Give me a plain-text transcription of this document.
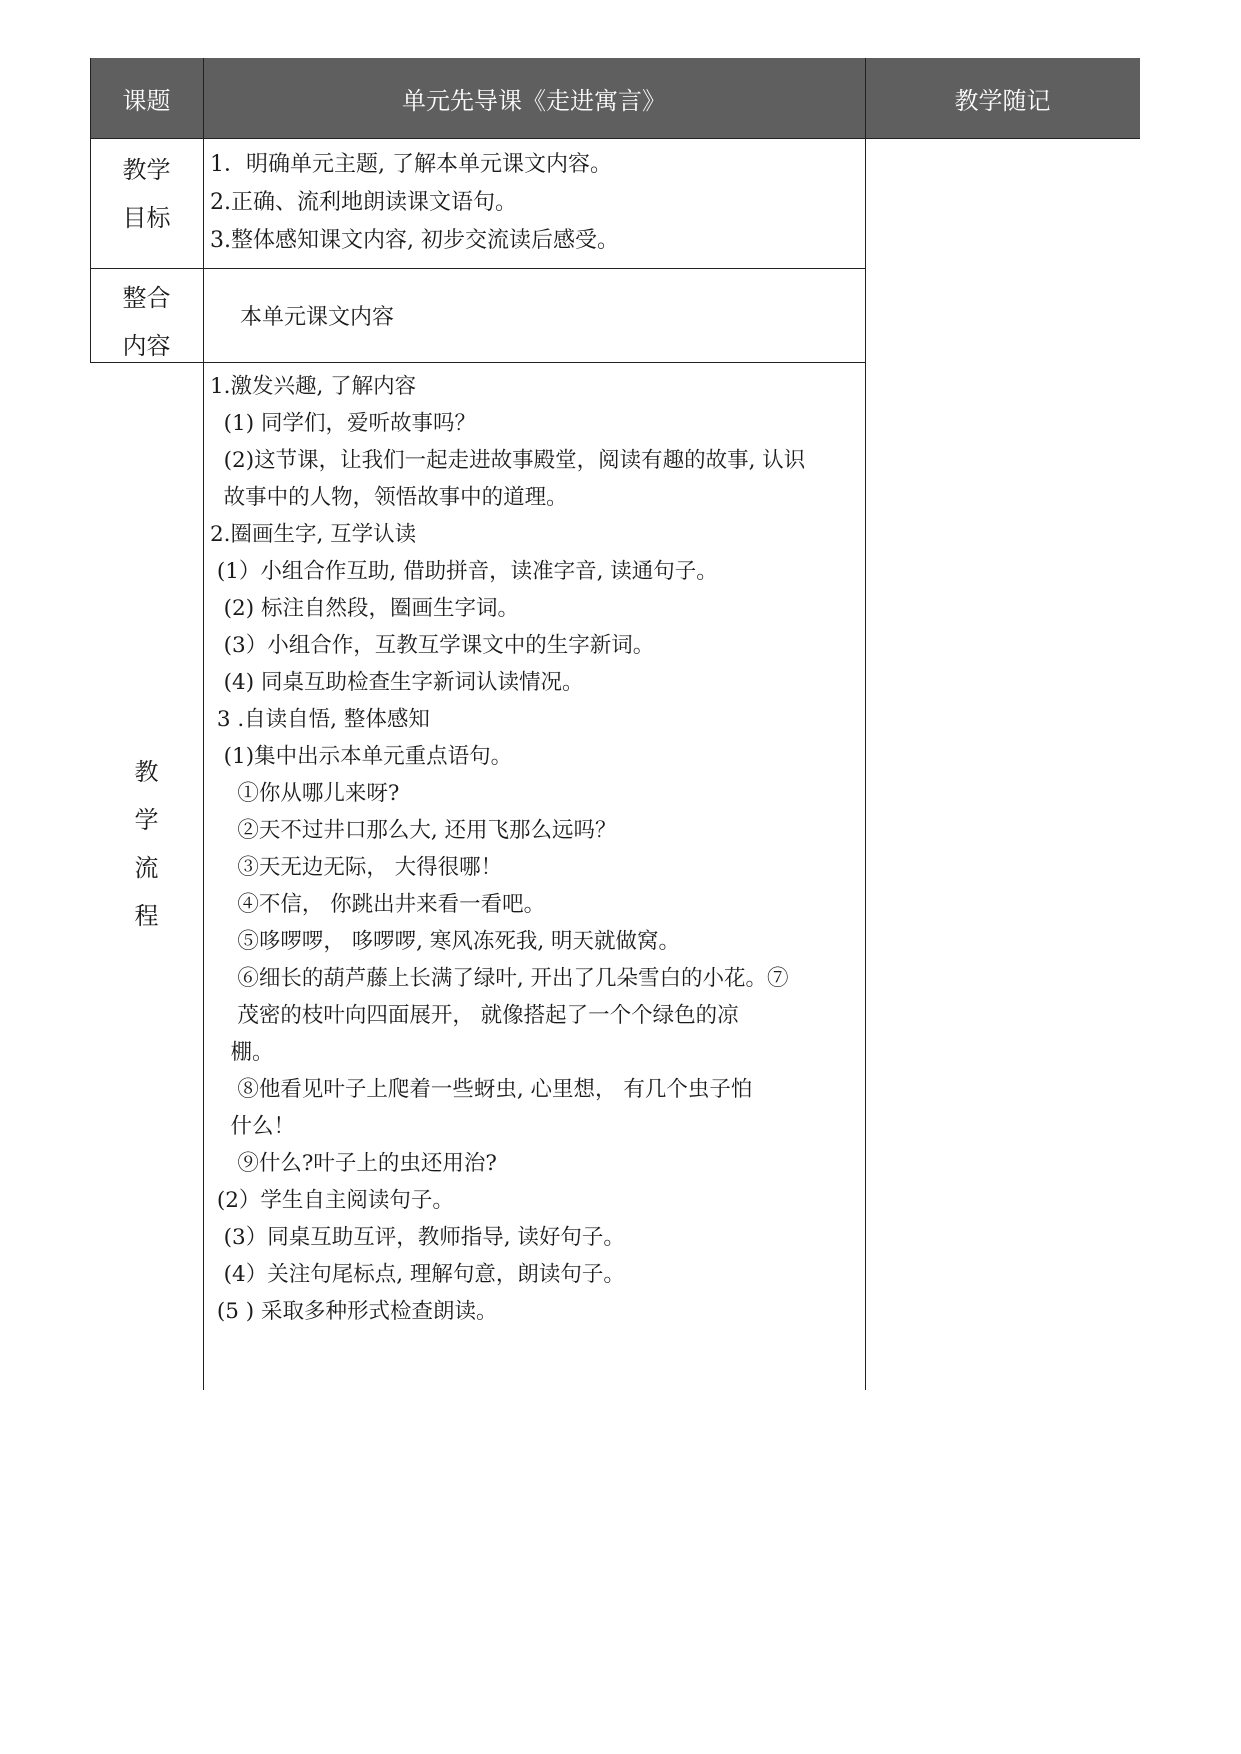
课题	单元先导课《走进寓言》	教学随记
教学
目标

1．明确单元主题, 了解本单元课文内容。

2.正确、流利地朗读课文语句。

3.整体感知课文内容, 初步交流读后感受。

整合
内容

本单元课文内容

教
学
流
程

1.激发兴趣, 了解内容

(1) 同学们，爱听故事吗？

(2)这节课，让我们一起走进故事殿堂，阅读有趣的故事, 认识

故事中的人物，领悟故事中的道理。

2.圈画生字, 互学认读

(1）小组合作互助, 借助拼音，读准字音, 读通句子。

(2) 标注自然段，圈画生字词。

(3）小组合作，互教互学课文中的生字新词。

(4) 同桌互助检查生字新词认读情况。

3 .自读自悟, 整体感知

(1)集中出示本单元重点语句。

①你从哪儿来呀?

②天不过井口那么大, 还用飞那么远吗？

③天无边无际， 大得很哪！

④不信， 你跳出井来看一看吧。

⑤哆啰啰， 哆啰啰, 寒风冻死我, 明天就做窝。

⑥细长的葫芦藤上长满了绿叶, 开出了几朵雪白的小花。⑦

茂密的枝叶向四面展开， 就像搭起了一个个绿色的凉

棚。

⑧他看见叶子上爬着一些蚜虫, 心里想， 有几个虫子怕

什么！

⑨什么?叶子上的虫还用治?

(2）学生自主阅读句子。

(3）同桌互助互评，教师指导, 读好句子。

(4）关注句尾标点, 理解句意，朗读句子。

(5 ) 采取多种形式检查朗读。
